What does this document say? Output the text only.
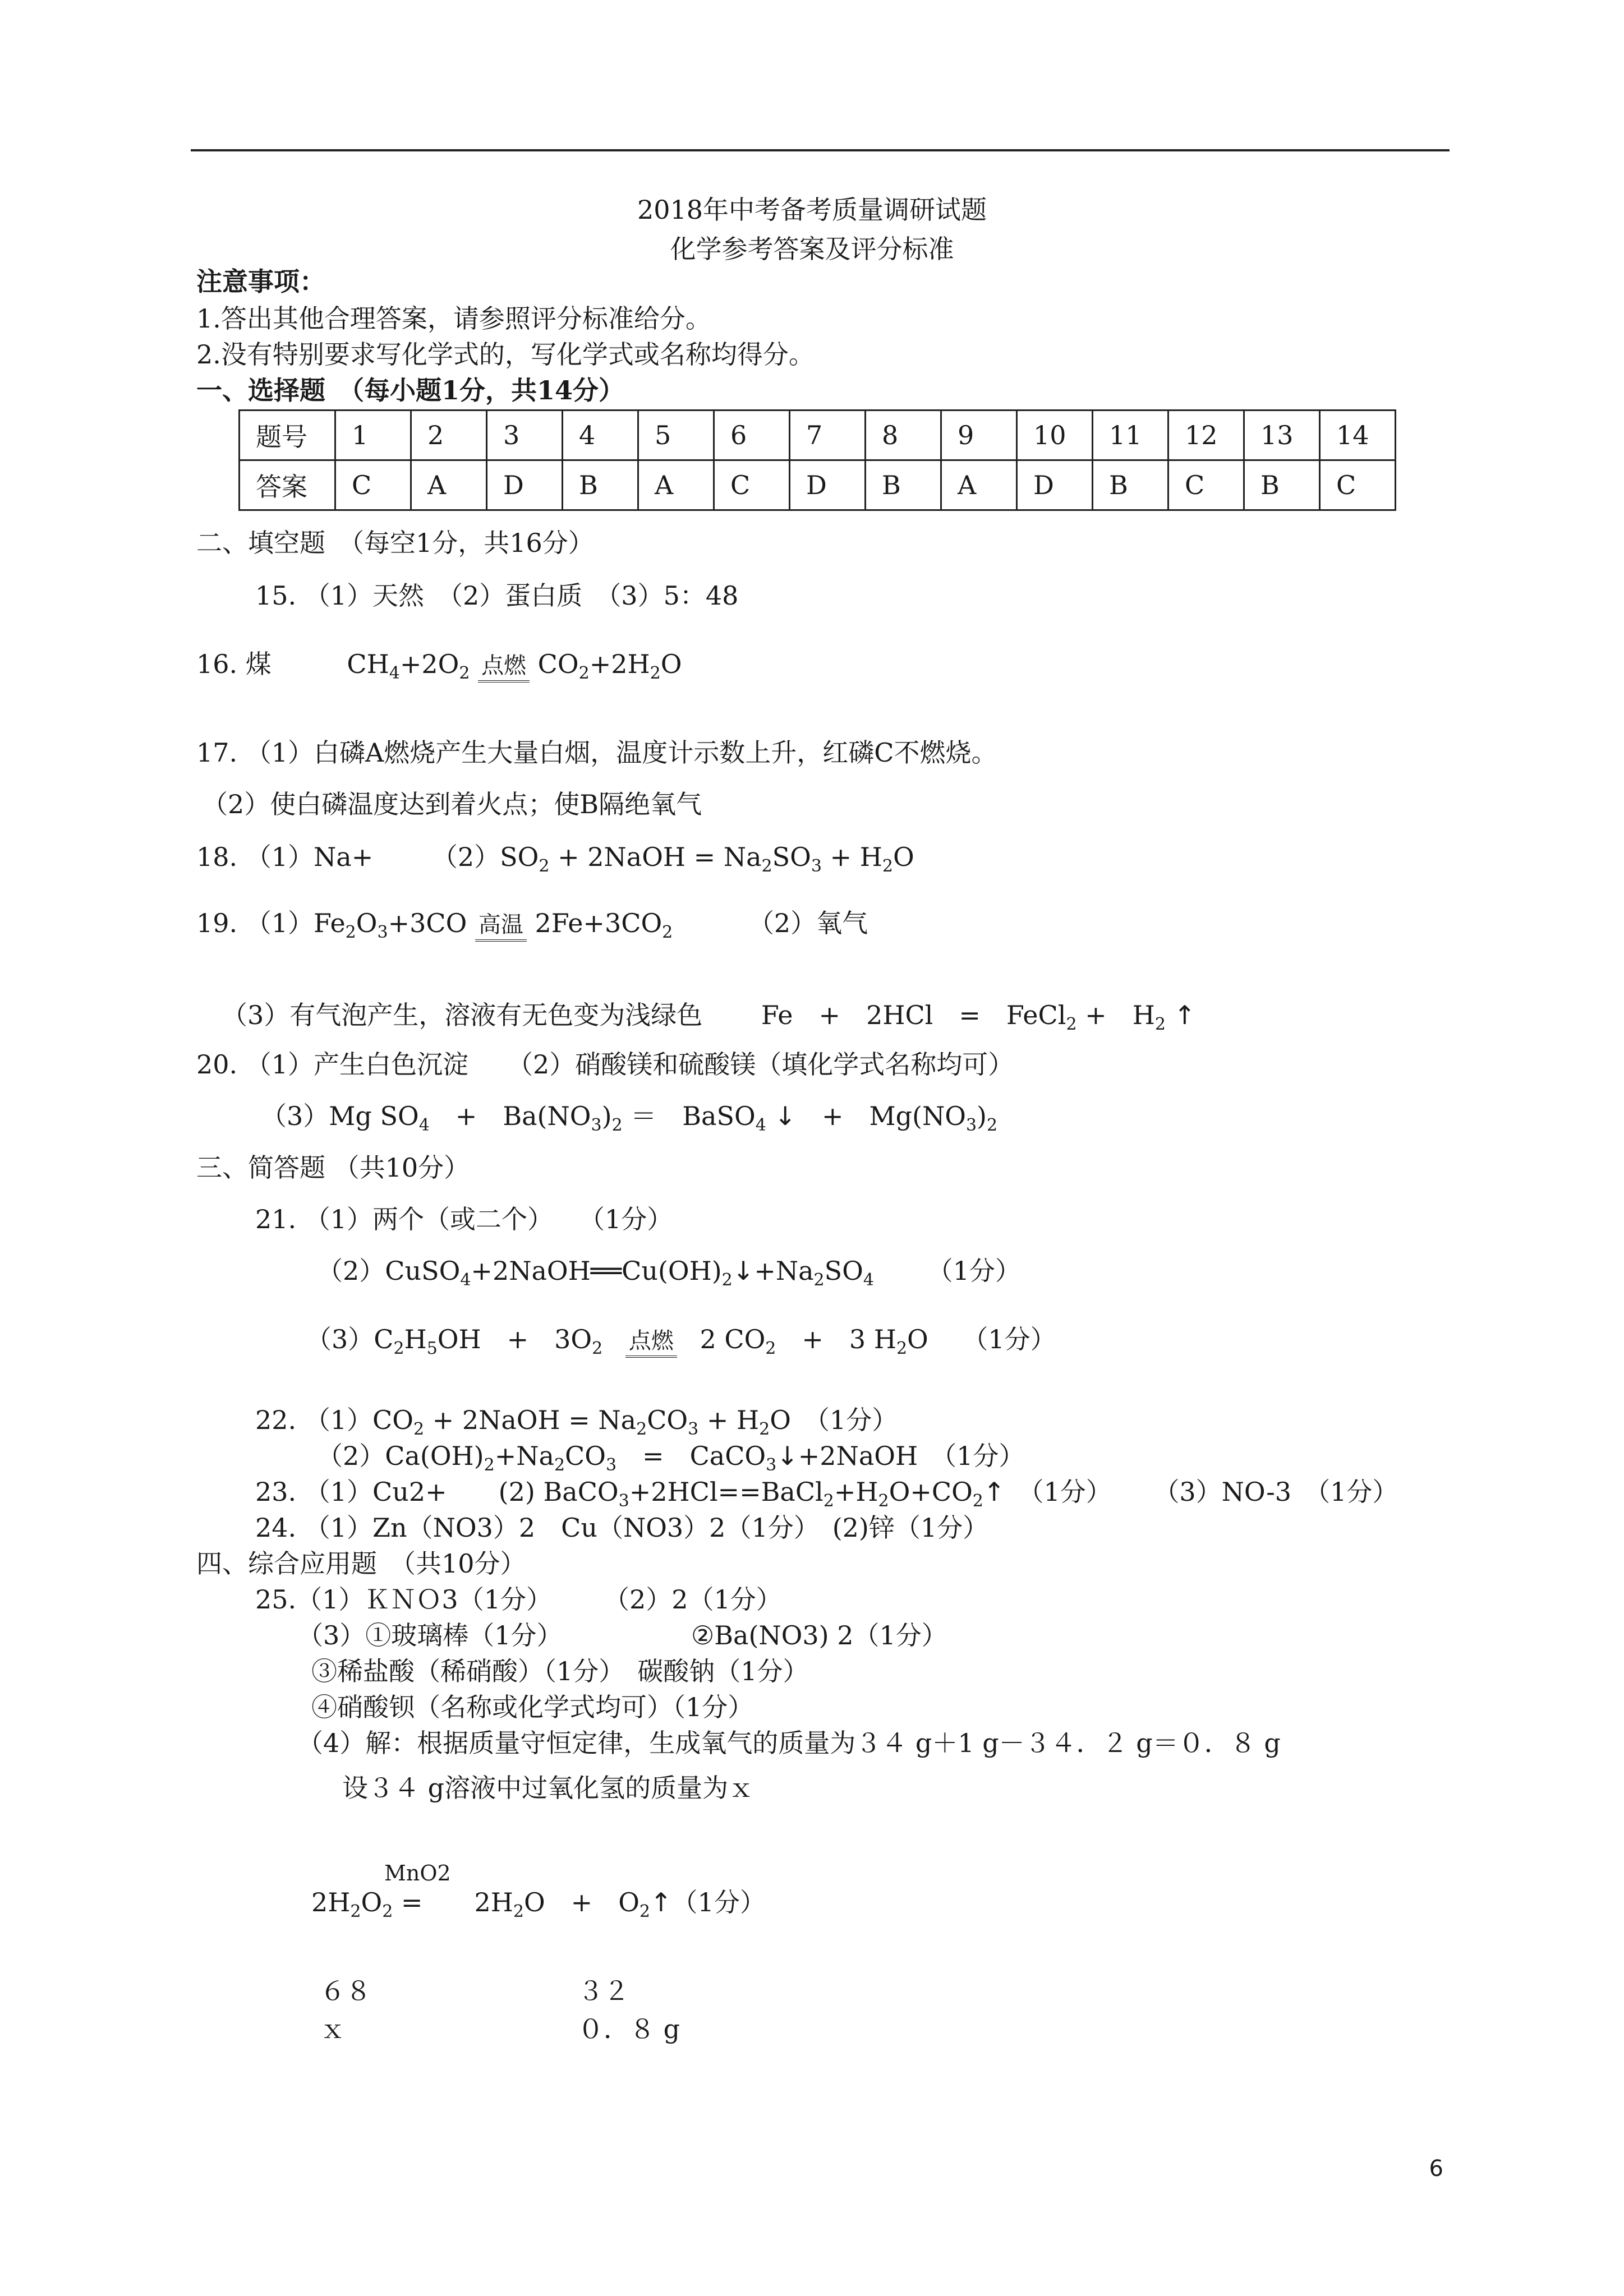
2018年中考备考质量调研试题
化学参考答案及评分标准
注意事项：
1.答出其他合理答案，请参照评分标准给分。
2.没有特别要求写化学式的，写化学式或名称均得分。
一、选择题　（每小题1分，共14分）
题号	1	2	3	4	5	6	7	8	9	10	11	12	13	14
答案	C	A	D	B	A	C	D	B	A	D	B	C	B	C
二、填空题　（每空1分，共16分）
15. （1）天然　（2）蛋白质　（3）5：48
16. 煤	$CH_4+2O_2$ 点燃 $CO_2+2H_2O$
17. （1）白磷A燃烧产生大量白烟，温度计示数上升，红磷C不燃烧。
（2）使白磷温度达到着火点；使B隔绝氧气
18. $(1)Na+ (2)SO_2$ + 2NaOH = $Na_2SO_3 + H_2O$
19. $(1)Fe_2O_3+3CO$ 高温 $2Fe+3CO_2$	（2）氧气
（3）有气泡产生，溶液有无色变为浅绿色 Fe　+　2HCl　=　FeCl$_2$ +　$H_2$ ↑
20. （1）产生白色沉淀　　（2）硝酸镁和硫酸镁（填化学式名称均可）
（3）Mg $SO_4$　+　$Ba(NO_3)_2$ ＝　BaSO$_4$ ↓　+　$Mg(NO_3)_2$
三、简答题 （共10分）
21. （1）两个（或二个）　　（1分）
$(2)CuSO_4+2NaOH══Cu(OH)_2↓+Na_2SO_4$ （1分）
$(3)C_2H_5OH$　+　$3O_2$ 点燃 2 $CO_2$　+　3 $H_2O$　 （1分）
22. $(1)CO_2$ + 2NaOH = $Na_2CO_3 + H_2O$　（1分）
$(2)Ca(OH)_2+Na_2CO_3$　=　CaCO$_3$↓+2NaOH　（1分）
23. （1）Cu2+　　(2) $BaCO_3+2HCl==BaCl_2+H_2O+CO_2↑$　 （1分） （3）NO-3　（1分）
24. （1）Zn（NO3）2　Cu（NO3）2（1分）　(2)锌（1分）
四、综合应用题　（共10分）
25.（1）ＫＮＯ3（1分）　　　（2）2（1分）
（3）①玻璃棒（1分）	②Ba(NO3) 2（1分）
③稀盐酸（稀硝酸）（1分）　碳酸钠（1分）
④硝酸钡（名称或化学式均可）（1分）
（4）解：根据质量守恒定律，生成氧气的质量为３４ g＋1 g－３４．２ g＝０．８ g
设３４ g溶液中过氧化氢的质量为ｘ
MnO2
$2H_2O_2$ =　　$2H_2O$　+　$O_2↑(1$分）
６８	３２
ｘ	０．８ g
6
